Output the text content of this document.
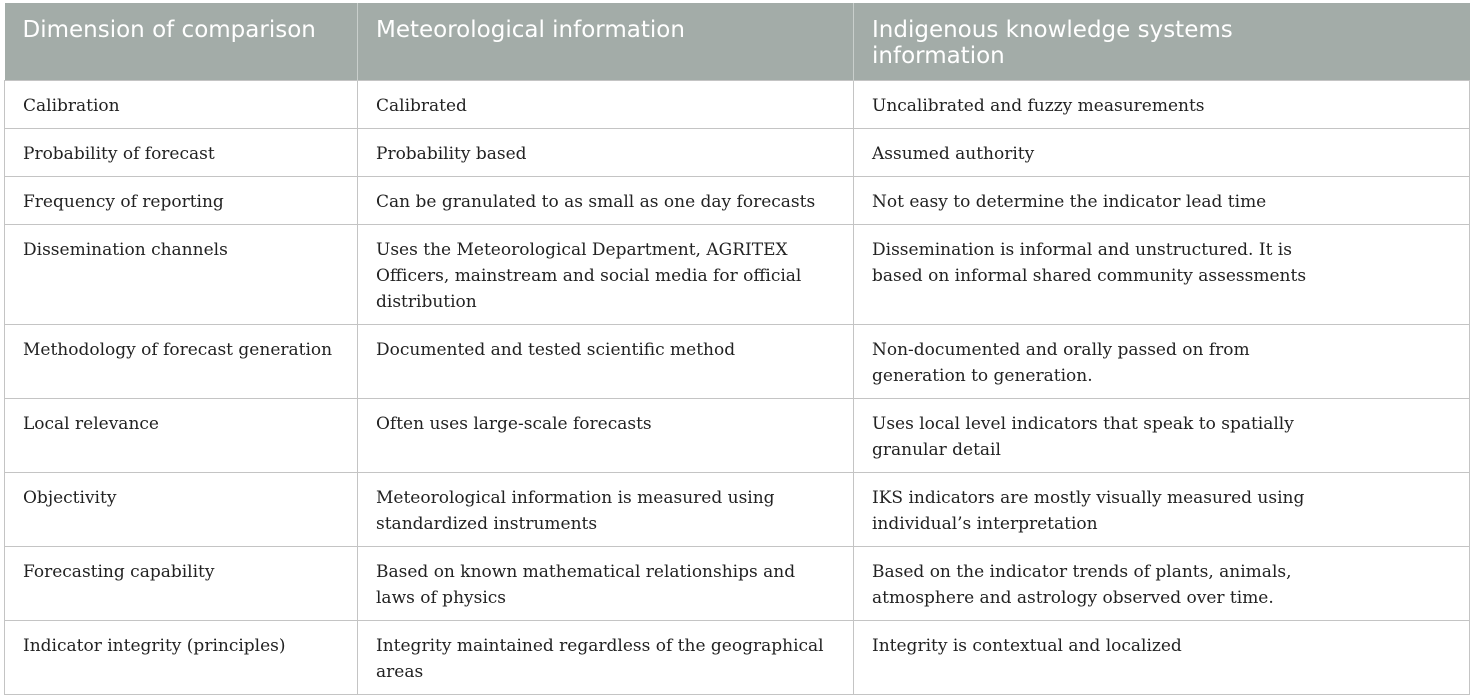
Dimension of comparison	Meteorological information	Indigenous knowledge systems information

Calibration	Calibrated	Uncalibrated and fuzzy measurements

Probability of forecast	Probability based	Assumed authority

Frequency of reporting	Can be granulated to as small as one day forecasts	Not easy to determine the indicator lead time

Dissemination channels	Uses the Meteorological Department, AGRITEX Officers, mainstream and social media for official distribution	Dissemination is informal and unstructured. It is based on informal shared community assessments

Methodology of forecast generation	Documented and tested scientific method	Non-documented and orally passed on from generation to generation.

Local relevance	Often uses large-scale forecasts	Uses local level indicators that speak to spatially granular detail

Objectivity	Meteorological information is measured using standardized instruments	IKS indicators are mostly visually measured using individual’s interpretation

Forecasting capability	Based on known mathematical relationships and laws of physics	Based on the indicator trends of plants, animals, atmosphere and astrology observed over time.

Indicator integrity (principles)	Integrity maintained regardless of the geographical areas	Integrity is contextual and localized
